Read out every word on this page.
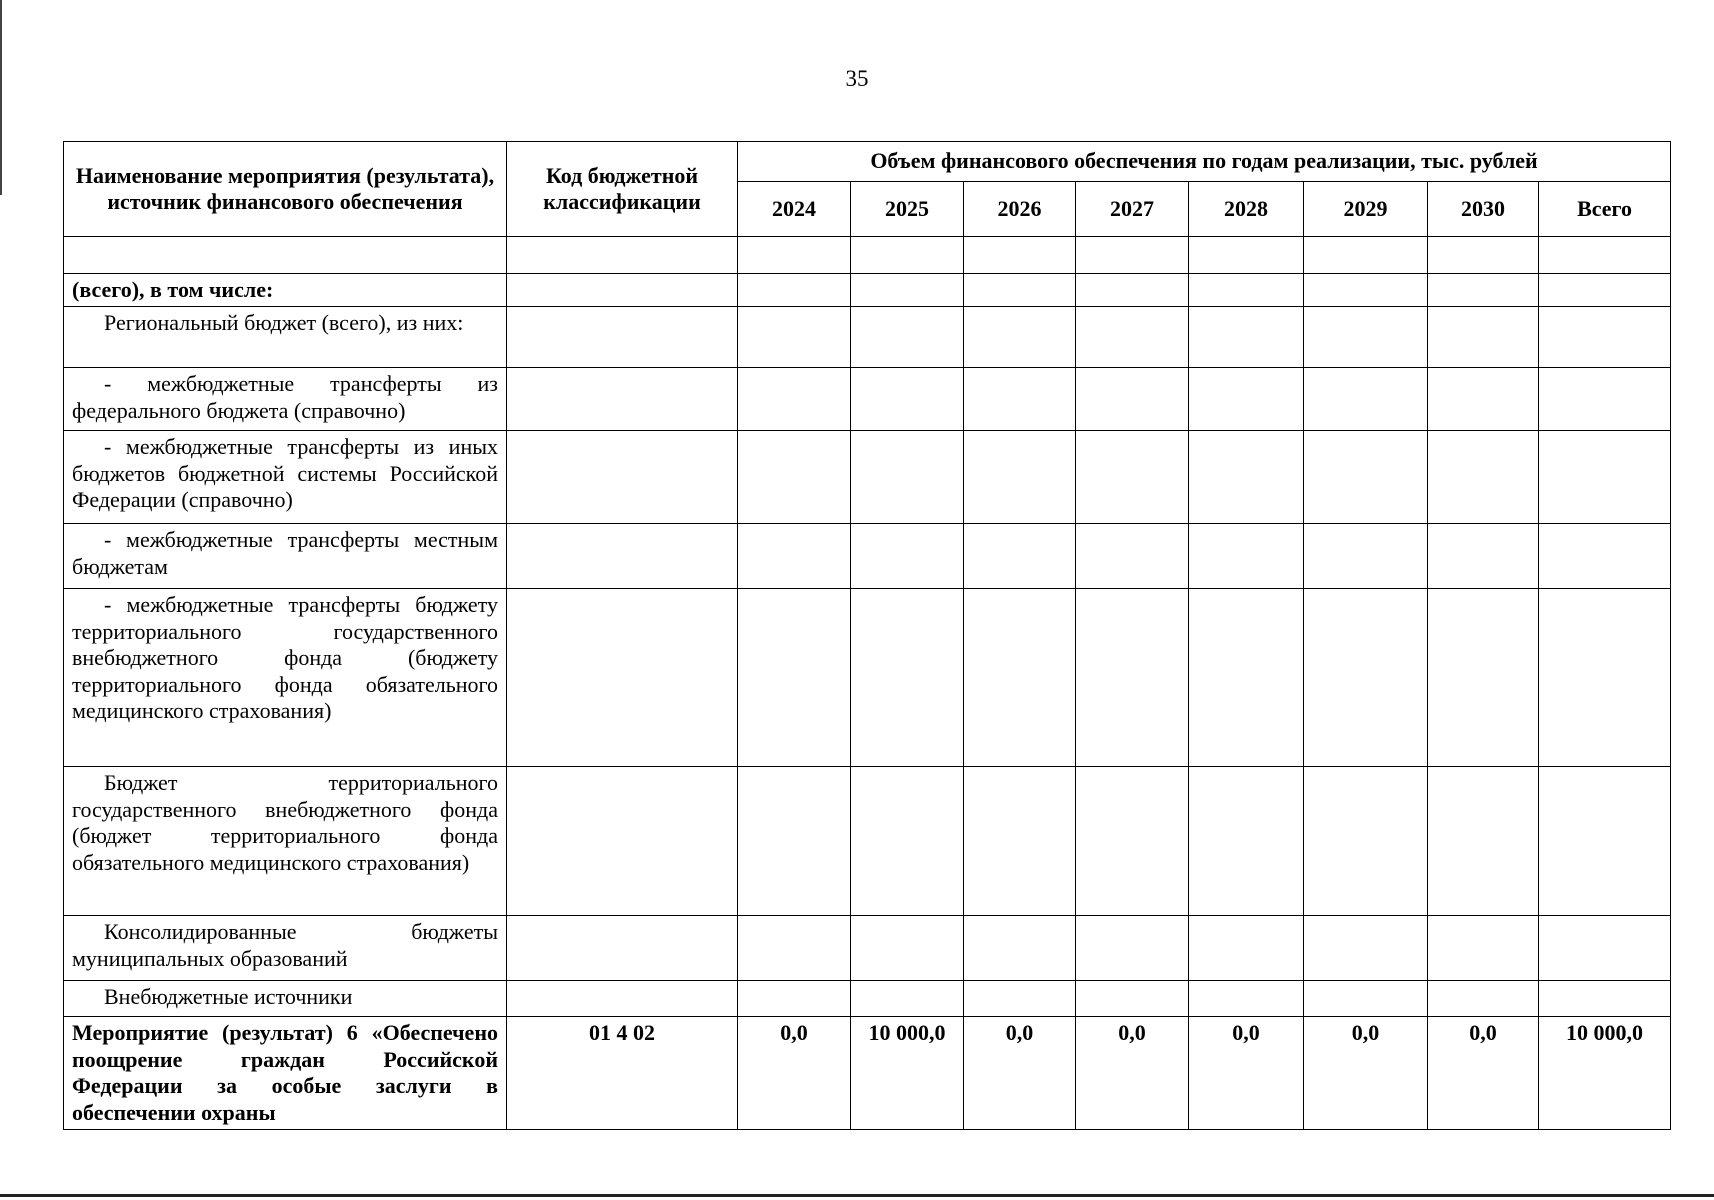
35
Наименование мероприятия (результата), источник финансового обеспечения	Код бюджетной классификации	Объем финансового обеспечения по годам реализации, тыс. рублей							
		2024	2025	2026	2027	2028	2029	2030	Всего

(всего), в том числе:									
Региональный бюджет (всего), из них:									
- межбюджетные трансферты из федерального бюджета (справочно)									
- межбюджетные трансферты из иных бюджетов бюджетной системы Российской Федерации (справочно)									
- межбюджетные трансферты местным бюджетам									
- межбюджетные трансферты бюджету территориального государственного внебюджетного фонда (бюджету территориального фонда обязательного медицинского страхования)									
Бюджет территориального государственного внебюджетного фонда (бюджет территориального фонда обязательного медицинского страхования)									
Консолидированные бюджеты муниципальных образований									
Внебюджетные источники									
Мероприятие (результат) 6 «Обеспечено поощрение граждан Российской Федерации за особые заслуги в обеспечении охраны	01 4 02	0,0	10 000,0	0,0	0,0	0,0	0,0	0,0	10 000,0
